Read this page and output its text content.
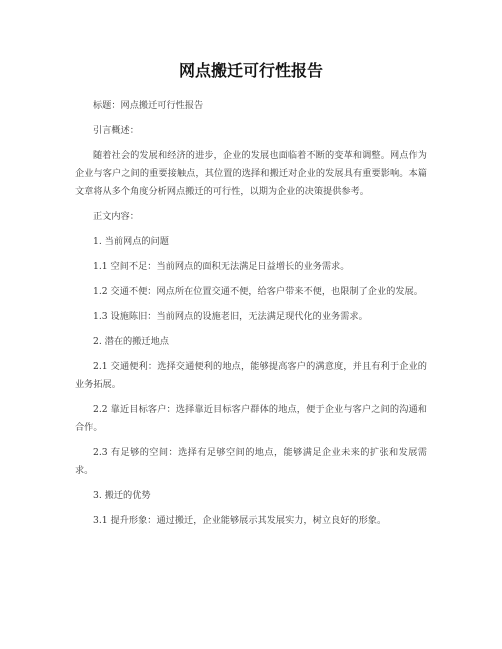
网点搬迁可行性报告

标题：网点搬迁可行性报告

引言概述：

随着社会的发展和经济的进步，企业的发展也面临着不断的变革和调整。网点作为企业与客户之间的重要接触点，其位置的选择和搬迁对企业的发展具有重要影响。本篇文章将从多个角度分析网点搬迁的可行性，以期为企业的决策提供参考。

正文内容：

1. 当前网点的问题

1.1 空间不足：当前网点的面积无法满足日益增长的业务需求。

1.2 交通不便：网点所在位置交通不便，给客户带来不便，也限制了企业的发展。

1.3 设施陈旧：当前网点的设施老旧，无法满足现代化的业务需求。

2. 潜在的搬迁地点

2.1 交通便利：选择交通便利的地点，能够提高客户的满意度，并且有利于企业的业务拓展。

2.2 靠近目标客户：选择靠近目标客户群体的地点，便于企业与客户之间的沟通和合作。

2.3 有足够的空间：选择有足够空间的地点，能够满足企业未来的扩张和发展需求。

3. 搬迁的优势

3.1 提升形象：通过搬迁，企业能够展示其发展实力，树立良好的形象。
